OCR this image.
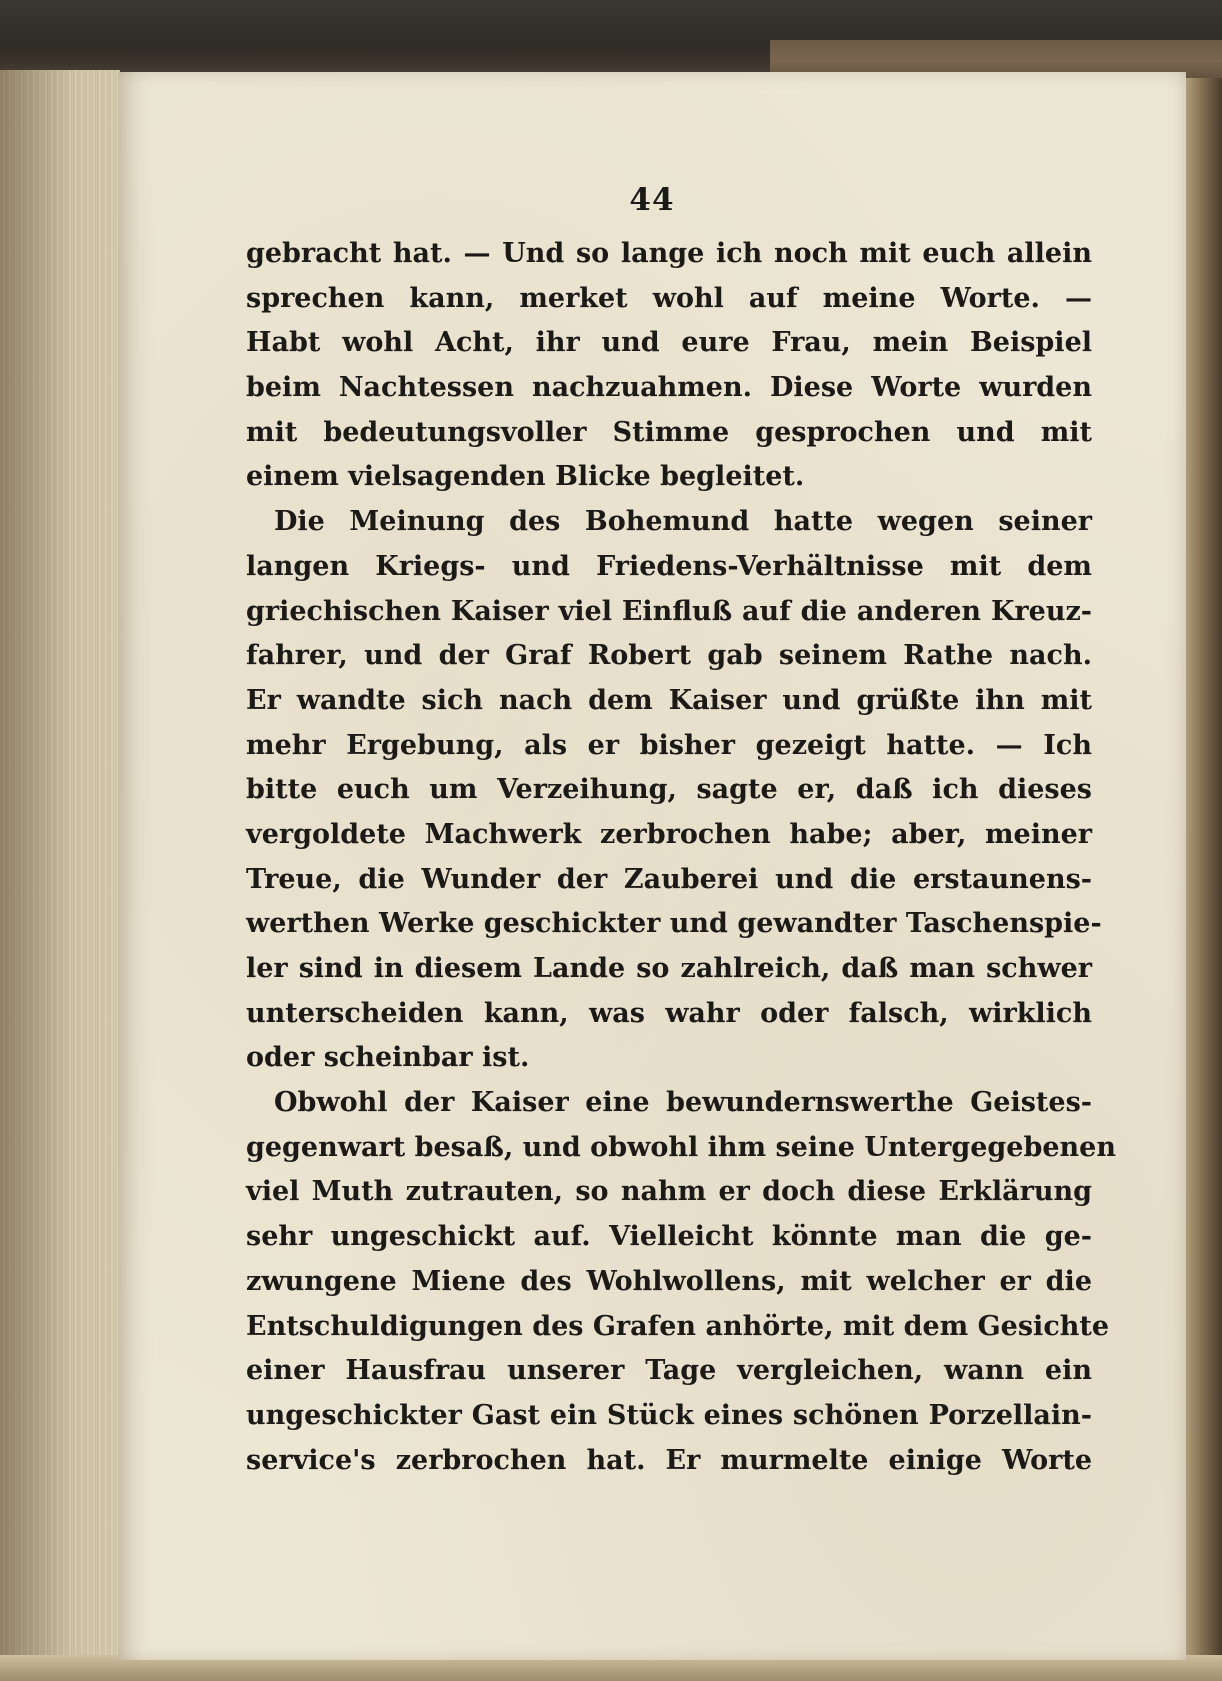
44
gebracht hat. — Und so lange ich noch mit euch allein
sprechen kann, merket wohl auf meine Worte. —
Habt wohl Acht, ihr und eure Frau, mein Beispiel
beim Nachtessen nachzuahmen. Diese Worte wurden
mit bedeutungsvoller Stimme gesprochen und mit
einem vielsagenden Blicke begleitet.
Die Meinung des Bohemund hatte wegen seiner
langen Kriegs- und Friedens-Verhältnisse mit dem
griechischen Kaiser viel Einfluß auf die anderen Kreuz-
fahrer, und der Graf Robert gab seinem Rathe nach.
Er wandte sich nach dem Kaiser und grüßte ihn mit
mehr Ergebung, als er bisher gezeigt hatte. — Ich
bitte euch um Verzeihung, sagte er, daß ich dieses
vergoldete Machwerk zerbrochen habe; aber, meiner
Treue, die Wunder der Zauberei und die erstaunens-
werthen Werke geschickter und gewandter Taschenspie-
ler sind in diesem Lande so zahlreich, daß man schwer
unterscheiden kann, was wahr oder falsch, wirklich
oder scheinbar ist.
Obwohl der Kaiser eine bewundernswerthe Geistes-
gegenwart besaß, und obwohl ihm seine Untergegebenen
viel Muth zutrauten, so nahm er doch diese Erklärung
sehr ungeschickt auf. Vielleicht könnte man die ge-
zwungene Miene des Wohlwollens, mit welcher er die
Entschuldigungen des Grafen anhörte, mit dem Gesichte
einer Hausfrau unserer Tage vergleichen, wann ein
ungeschickter Gast ein Stück eines schönen Porzellain-
service's zerbrochen hat. Er murmelte einige Worte
